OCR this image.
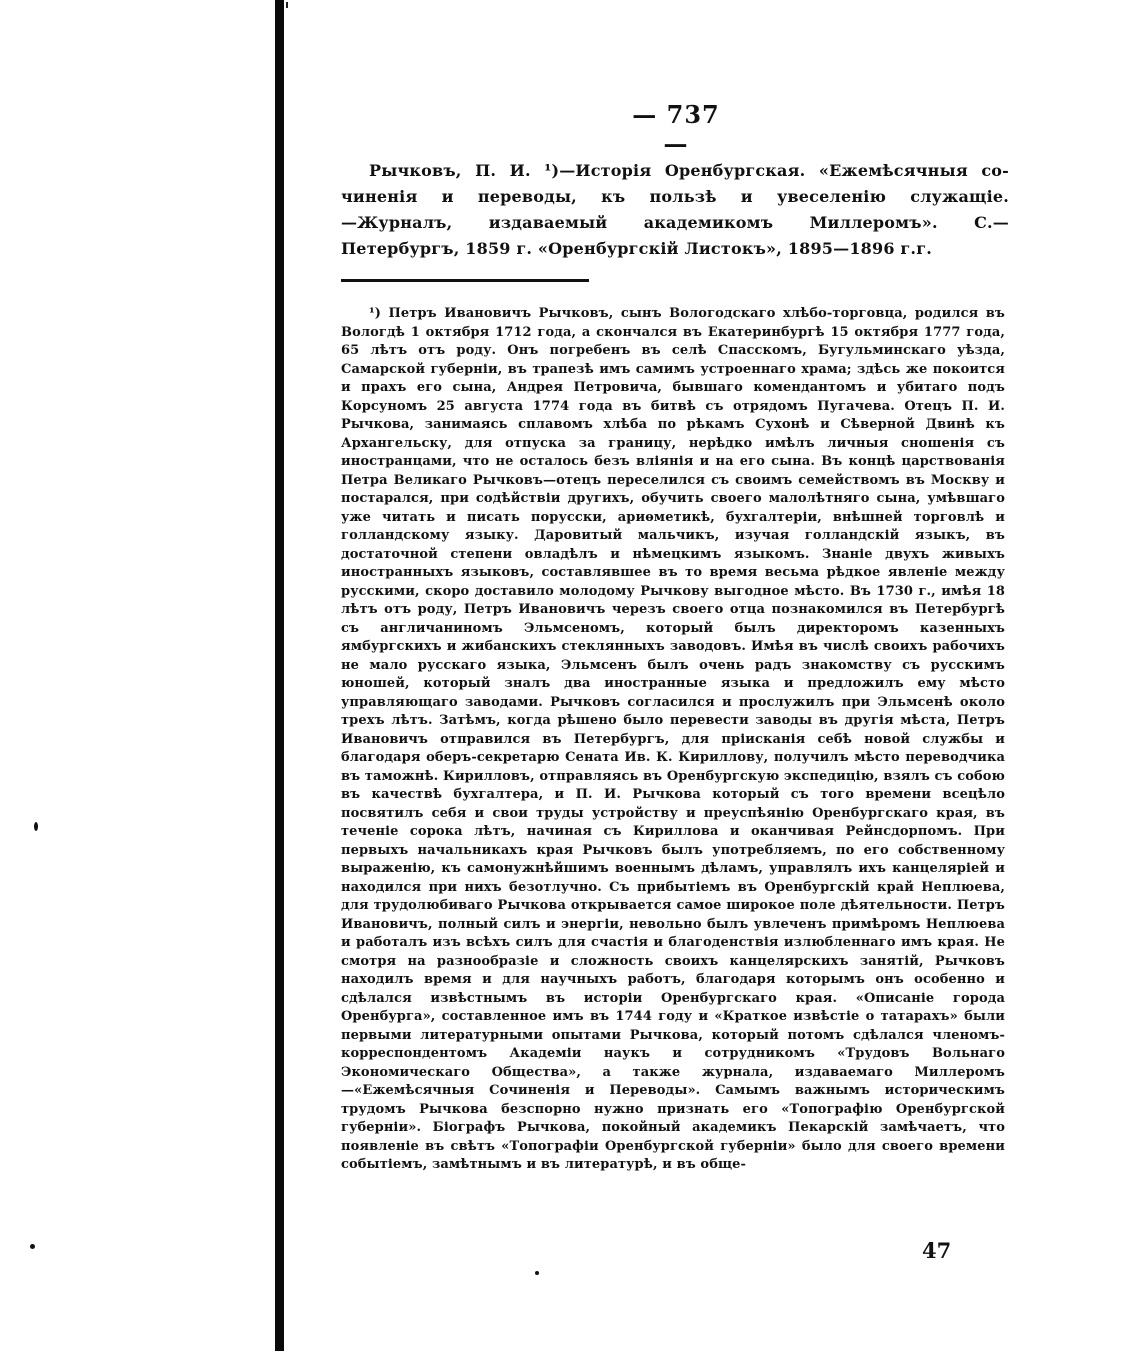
— 737 —

Рычковъ, П. И. ¹)—Исторія Оренбургская. «Ежемѣсячныя со-
чиненія и переводы, къ пользѣ и увеселенію служащіе.
—Журналъ, издаваемый академикомъ Миллеромъ». С.—
Петербургъ, 1859 г. «Оренбургскій Листокъ», 1895—1896 г.г.

¹) Петръ Ивановичъ Рычковъ, сынъ Вологодскаго хлѣбо-торговца, родился въ Вологдѣ 1 октября 1712 года, а скончался въ Екатеринбургѣ 15 октября 1777 года, 65 лѣтъ отъ роду. Онъ погребенъ въ селѣ Спасскомъ, Бугульминскаго уѣзда, Самарской губерніи, въ трапезѣ имъ самимъ устроеннаго храма; здѣсь же покоится и прахъ его сына, Андрея Петровича, бывшаго комендантомъ и убитаго подъ Корсуномъ 25 августа 1774 года въ битвѣ съ отрядомъ Пугачева. Отецъ П. И. Рычкова, занимаясь сплавомъ хлѣба по рѣкамъ Сухонѣ и Сѣверной Двинѣ къ Архангельску, для отпуска за границу, нерѣдко имѣлъ личныя сношенія съ иностранцами, что не осталось безъ вліянія и на его сына. Въ концѣ царствованія Петра Великаго Рычковъ—отецъ переселился съ своимъ семействомъ въ Москву и постарался, при содѣйствіи другихъ, обучить своего малолѣтняго сына, умѣвшаго уже читать и писать порусски, ариѳметикѣ, бухгалтеріи, внѣшней торговлѣ и голландскому языку. Даровитый мальчикъ, изучая голландскій языкъ, въ достаточной степени овладѣлъ и нѣмецкимъ языкомъ. Знаніе двухъ живыхъ иностранныхъ языковъ, составлявшее въ то время весьма рѣдкое явленіе между русскими, скоро доставило молодому Рычкову выгодное мѣсто. Въ 1730 г., имѣя 18 лѣтъ отъ роду, Петръ Ивановичъ черезъ своего отца познакомился въ Петербургѣ съ англичаниномъ Эльмсеномъ, который былъ директоромъ казенныхъ ямбургскихъ и жибанскихъ стеклянныхъ заводовъ. Имѣя въ числѣ своихъ рабочихъ не мало русскаго языка, Эльмсенъ былъ очень радъ знакомству съ русскимъ юношей, который зналъ два иностранные языка и предложилъ ему мѣсто управляющаго заводами. Рычковъ согласился и прослужилъ при Эльмсенѣ около трехъ лѣтъ. Затѣмъ, когда рѣшено было перевести заводы въ другія мѣста, Петръ Ивановичъ отправился въ Петербургъ, для пріисканія себѣ новой службы и благодаря оберъ-секретарю Сената Ив. К. Кириллову, получилъ мѣсто переводчика въ таможнѣ. Кирилловъ, отправляясь въ Оренбургскую экспедицію, взялъ съ собою въ качествѣ бухгалтера, и П. И. Рычкова который съ того времени всецѣло посвятилъ себя и свои труды устройству и преуспѣянію Оренбургскаго края, въ теченіе сорока лѣтъ, начиная съ Кириллова и оканчивая Рейнсдорпомъ. При первыхъ начальникахъ края Рычковъ былъ употребляемъ, по его собственному выраженію, къ самонужнѣйшимъ военнымъ дѣламъ, управлялъ ихъ канцеляріей и находился при нихъ безотлучно. Съ прибытіемъ въ Оренбургскій край Неплюева, для трудолюбиваго Рычкова открывается самое широкое поле дѣятельности. Петръ Ивановичъ, полный силъ и энергіи, невольно былъ увлеченъ примѣромъ Неплюева и работалъ изъ всѣхъ силъ для счастія и благоденствія излюбленнаго имъ края. Не смотря на разнообразіе и сложность своихъ канцелярскихъ занятій, Рычковъ находилъ время и для научныхъ работъ, благодаря которымъ онъ особенно и сдѣлался извѣстнымъ въ исторіи Оренбургскаго края. «Описаніе города Оренбурга», составленное имъ въ 1744 году и «Краткое извѣстіе о татарахъ» были первыми литературными опытами Рычкова, который потомъ сдѣлался членомъ-корреспондентомъ Академіи наукъ и сотрудникомъ «Трудовъ Вольнаго Экономическаго Общества», а также журнала, издаваемаго Миллеромъ—«Ежемѣсячныя Сочиненія и Переводы». Самымъ важнымъ историческимъ трудомъ Рычкова безспорно нужно признать его «Топографію Оренбургской губерніи». Біографъ Рычкова, покойный академикъ Пекарскій замѣчаетъ, что появленіе въ свѣтъ «Топографіи Оренбургской губерніи» было для своего времени событіемъ, замѣтнымъ и въ литературѣ, и въ обще-

47
